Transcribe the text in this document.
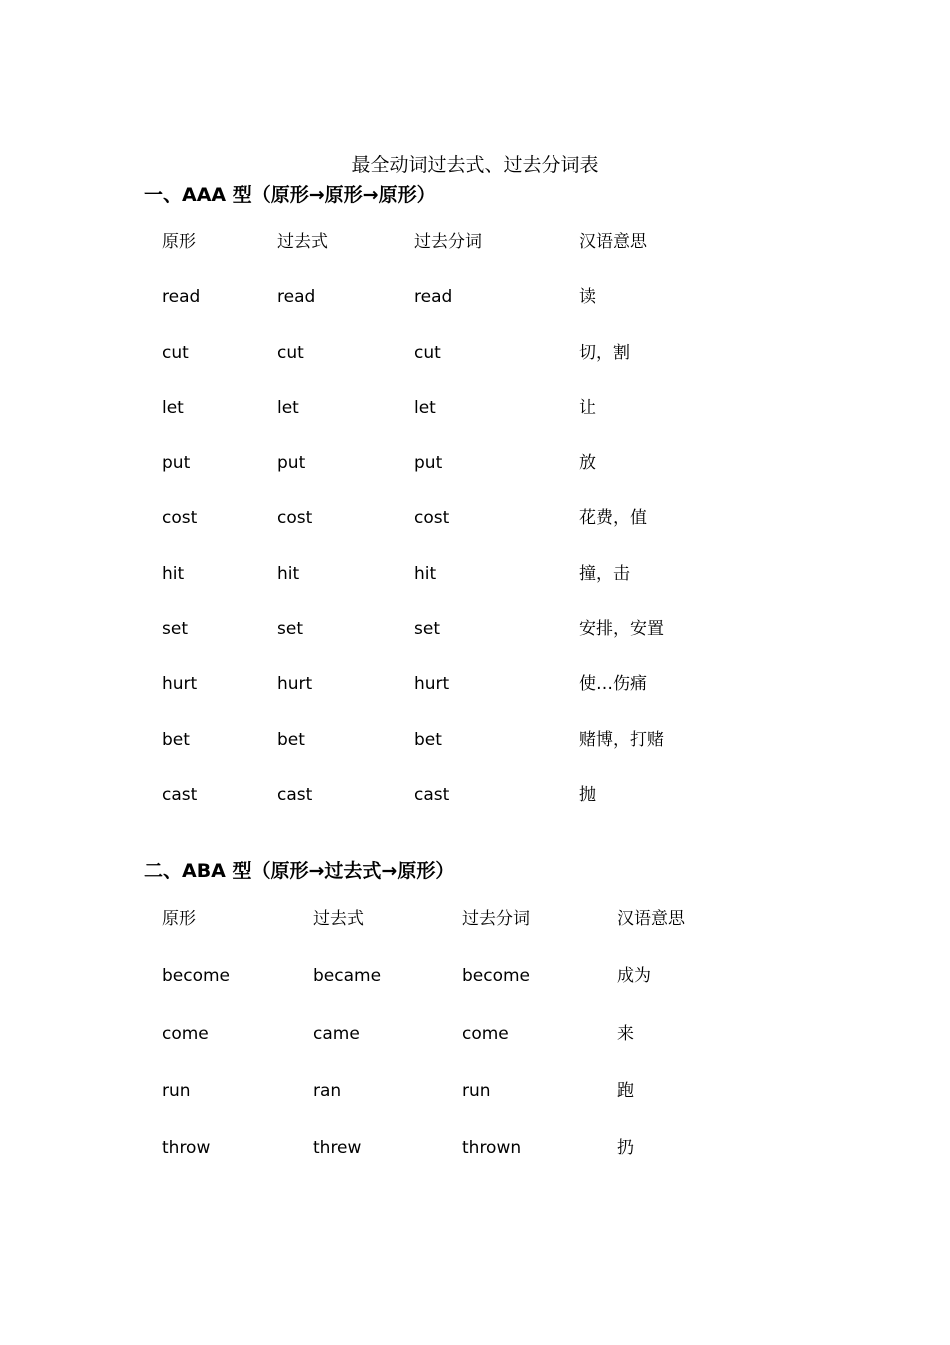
最全动词过去式、过去分词表
一、AAA 型（原形→原形→原形）
原形	过去式	过去分词	汉语意思
read	read	read	读
cut	cut	cut	切，割
let	let	let	让
put	put	put	放
cost	cost	cost	花费，值
hit	hit	hit	撞，击
set	set	set	安排，安置
hurt	hurt	hurt	使…伤痛
bet	bet	bet	赌博，打赌
cast	cast	cast	抛
二、ABA 型（原形→过去式→原形）
原形	过去式	过去分词	汉语意思
become	became	become	成为
come	came	come	来
run	ran	run	跑
throw	threw	thrown	扔
